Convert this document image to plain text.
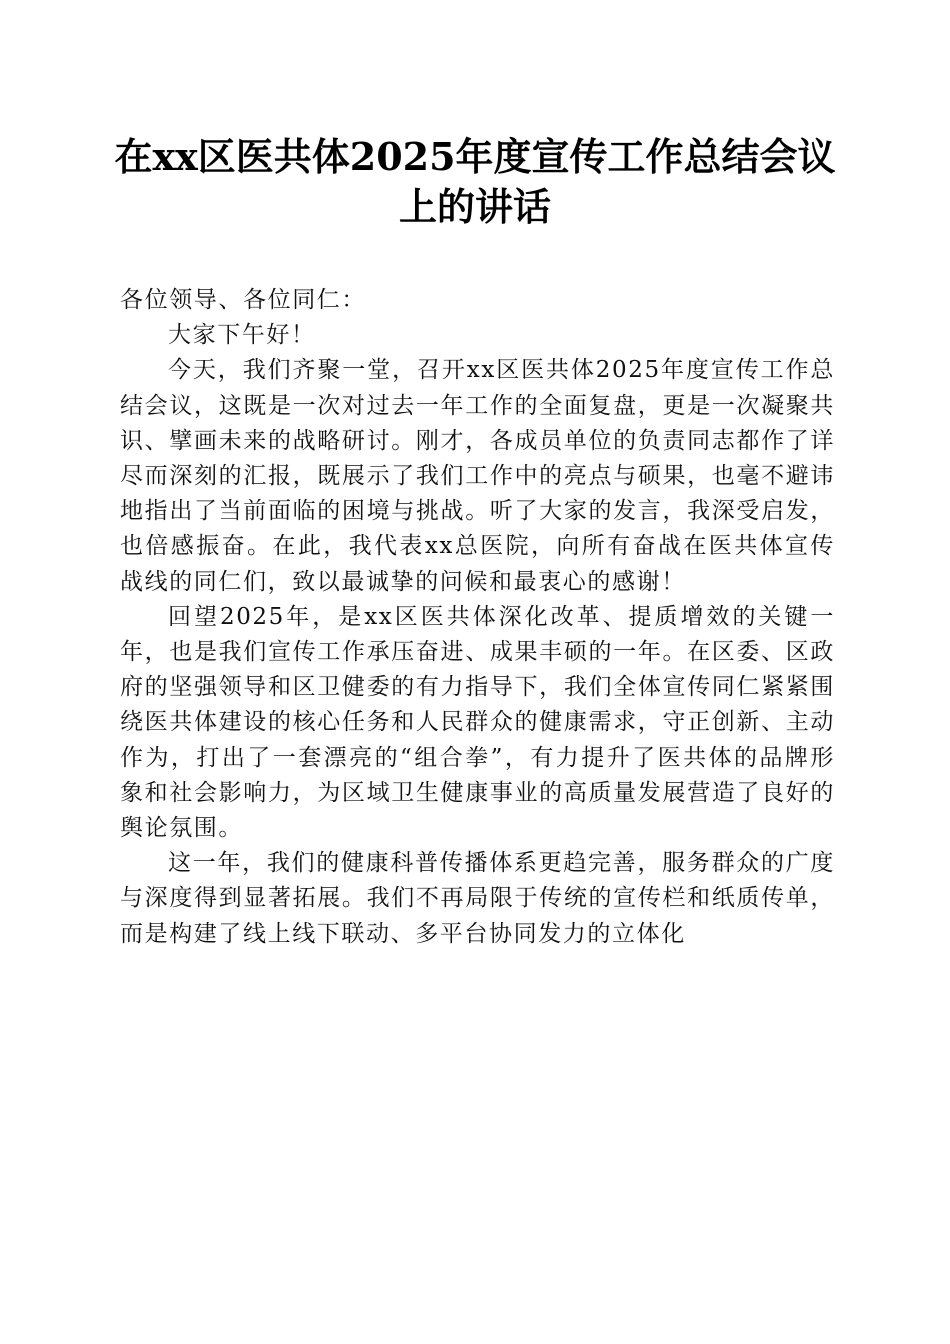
在xx区医共体2025年度宣传工作总结会议上的讲话

各位领导、各位同仁：

大家下午好！

今天，我们齐聚一堂，召开xx区医共体2025年度宣传工作总结会议，这既是一次对过去一年工作的全面复盘，更是一次凝聚共识、擘画未来的战略研讨。刚才，各成员单位的负责同志都作了详尽而深刻的汇报，既展示了我们工作中的亮点与硕果，也毫不避讳地指出了当前面临的困境与挑战。听了大家的发言，我深受启发，也倍感振奋。在此，我代表xx总医院，向所有奋战在医共体宣传战线的同仁们，致以最诚挚的问候和最衷心的感谢！

回望2025年，是xx区医共体深化改革、提质增效的关键一年，也是我们宣传工作承压奋进、成果丰硕的一年。在区委、区政府的坚强领导和区卫健委的有力指导下，我们全体宣传同仁紧紧围绕医共体建设的核心任务和人民群众的健康需求，守正创新、主动作为，打出了一套漂亮的“组合拳”，有力提升了医共体的品牌形象和社会影响力，为区域卫生健康事业的高质量发展营造了良好的舆论氛围。

这一年，我们的健康科普传播体系更趋完善，服务群众的广度与深度得到显著拓展。我们不再局限于传统的宣传栏和纸质传单，而是构建了线上线下联动、多平台协同发力的立体化
